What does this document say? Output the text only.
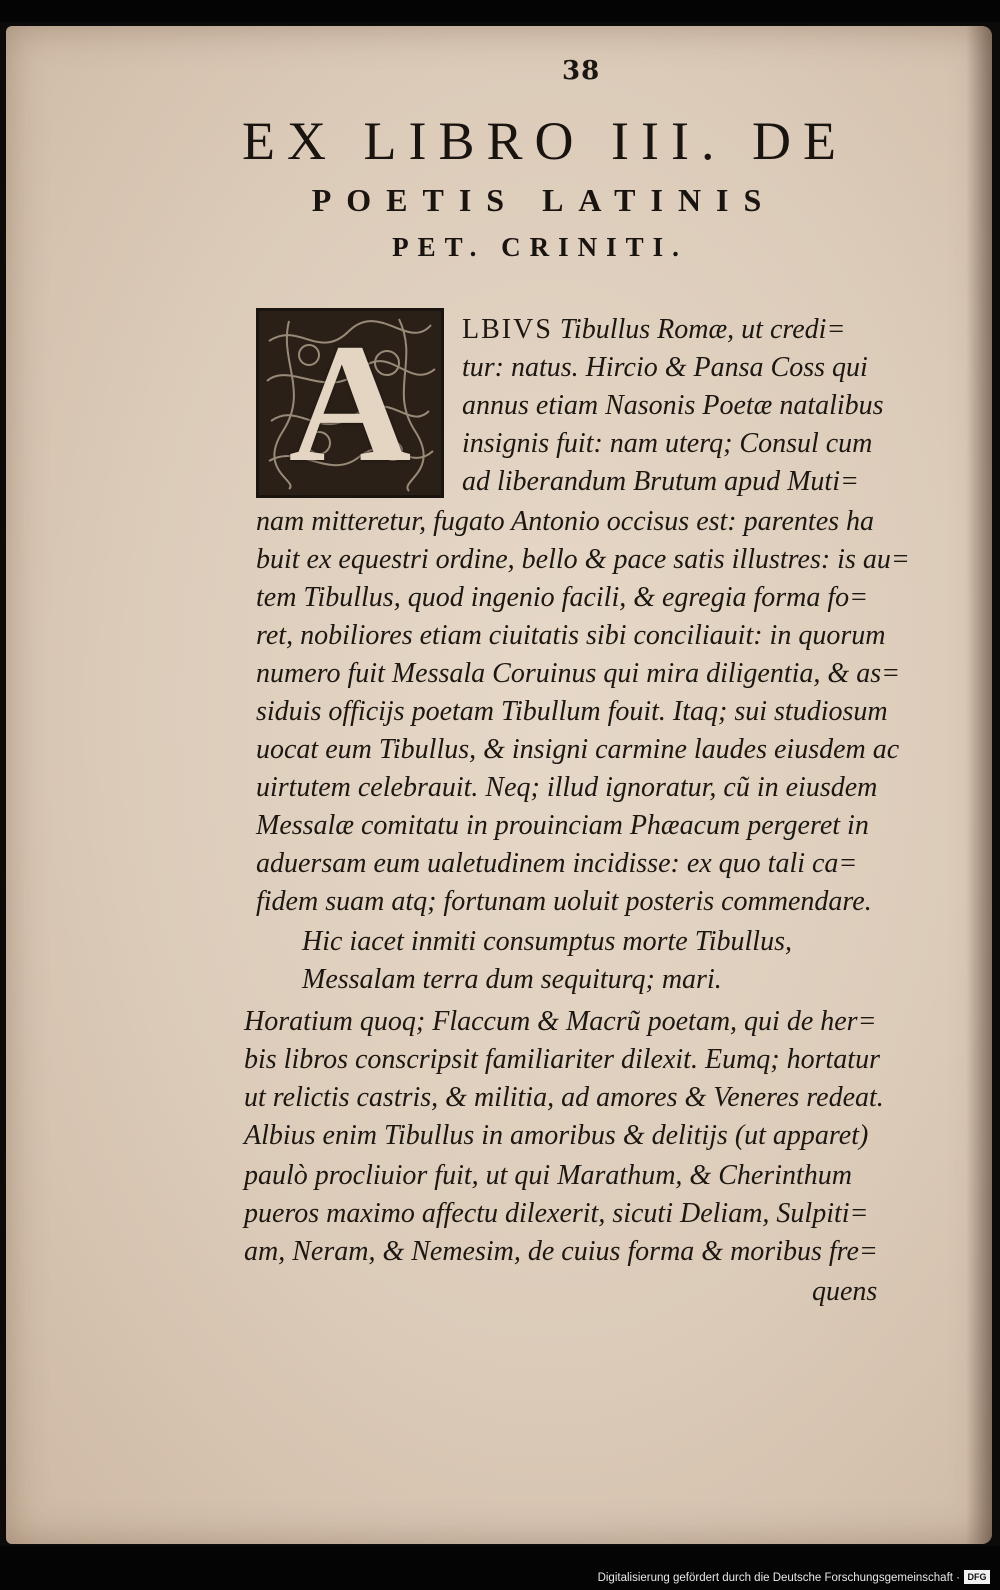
38
EX LIBRO III. DE
POETIS LATINIS
PET. CRINITI.
A	LBIVS Tibullus Romæ, ut credi=
tur: natus. Hircio & Pansa Coss qui
annus etiam Nasonis Poetæ natalibus
insignis fuit: nam uterq; Consul cum
ad liberandum Brutum apud Muti=
nam mitteretur, fugato Antonio occisus est: parentes ha
buit ex equestri ordine, bello & pace satis illustres: is au=
tem Tibullus, quod ingenio facili, & egregia forma fo=
ret, nobiliores etiam ciuitatis sibi conciliauit: in quorum
numero fuit Messala Coruinus qui mira diligentia, & as=
siduis officijs poetam Tibullum fouit. Itaq; sui studiosum
uocat eum Tibullus, & insigni carmine laudes eiusdem ac
uirtutem celebrauit. Neq; illud ignoratur, cũ in eiusdem
Messalæ comitatu in prouinciam Phæacum pergeret in
aduersam eum ualetudinem incidisse: ex quo tali ca=
fidem suam atq; fortunam uoluit posteris commendare.
Hic iacet inmiti consumptus morte Tibullus,
Messalam terra dum sequiturq; mari.
Horatium quoq; Flaccum & Macrũ poetam, qui de her=
bis libros conscripsit familiariter dilexit. Eumq; hortatur
ut relictis castris, & militia, ad amores & Veneres redeat.
Albius enim Tibullus in amoribus & delitijs (ut apparet)
paulò procliuior fuit, ut qui Marathum, & Cherinthum
pueros maximo affectu dilexerit, sicuti Deliam, Sulpiti=
am, Neram, & Nemesim, de cuius forma & moribus fre=
quens
Digitalisierung gefördert durch die Deutsche Forschungsgemeinschaft · DFG
